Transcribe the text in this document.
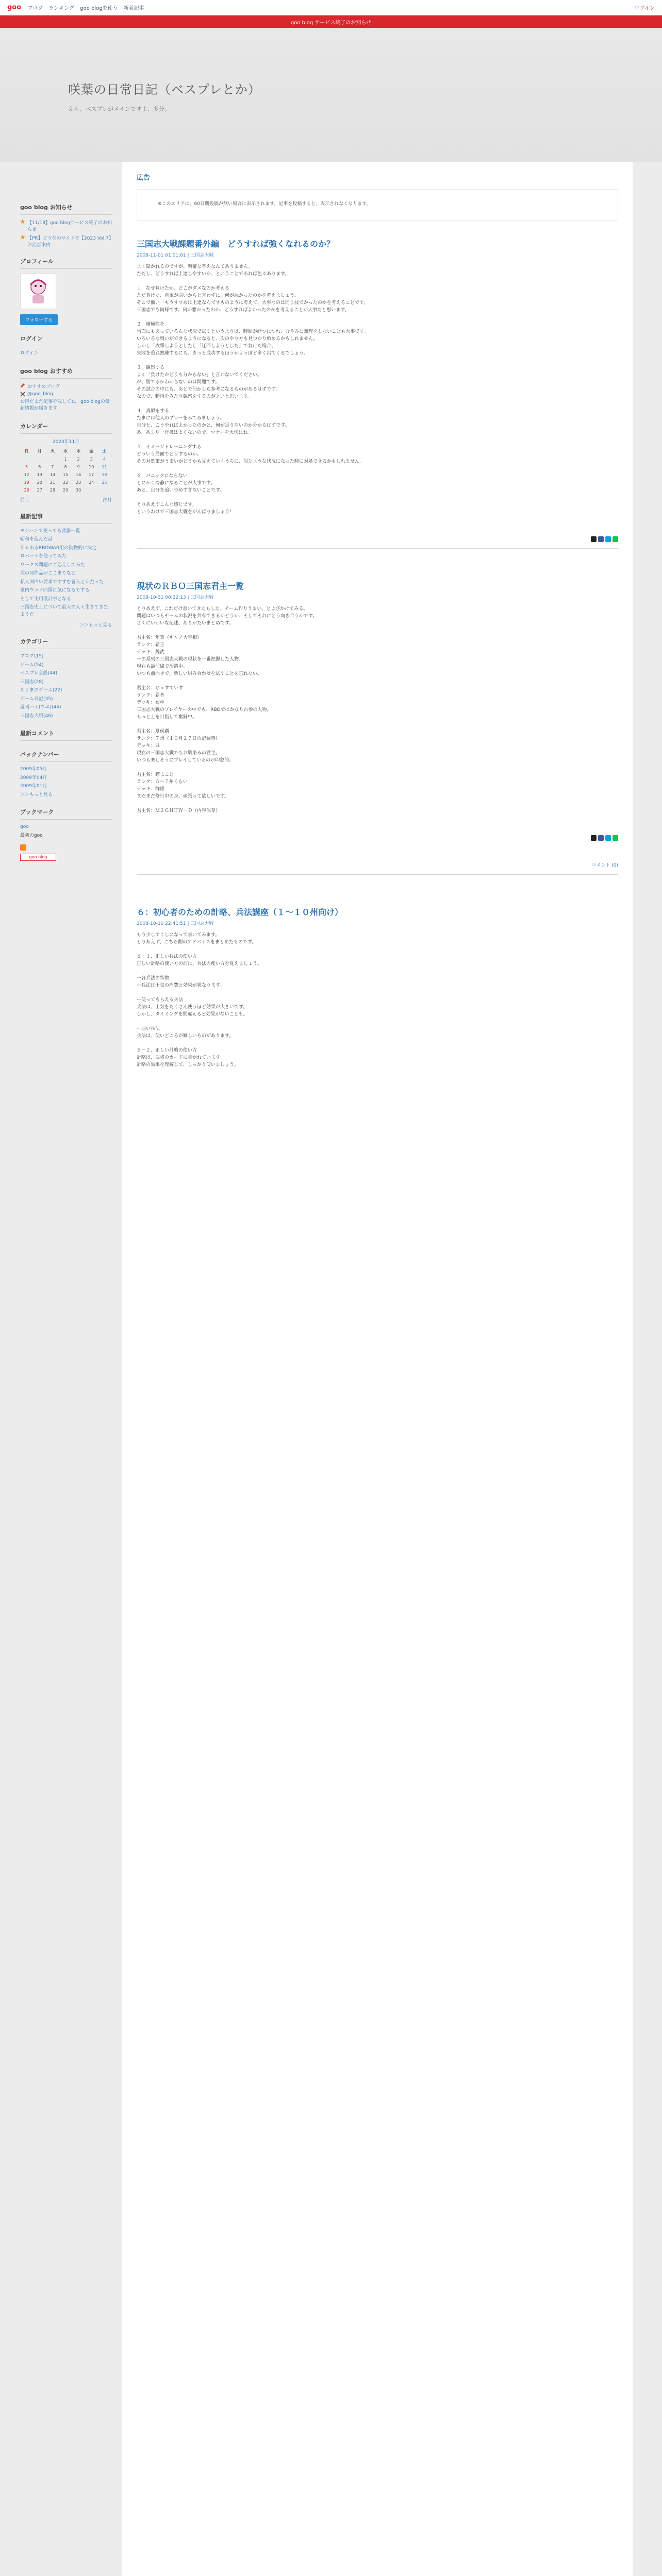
goo ブログ ランキング goo blogを使う 新着記事	ログイン
goo blog サービス終了のお知らせ
咲葉の日常日記（ベスプレとか）
ええ、ベスプレがメインですよ、多分。
goo blog お知らせ
【11/18】goo blogサービス終了のお知らせ
【PR】どうなのサイトで【2023 Vol.7】お詫び案内
プロフィール
フォローする
ログイン
ログイン
goo blog おすすめ
おすすめブログ
@goo_blog
お得だまだ記事を残してね。goo blogの最新情報が届きます
カレンダー
2023年11月
日	月	火	水	木	金	土
			1	2	3	4
5	6	7	8	9	10	11
12	13	14	15	16	17	18
19	20	21	22	23	24	25
26	27	28	29	30		
前月	次月
最新記事
モンハンで使ってる武器一覧
昭和を進んだ話
あぁあるRBOWAR用の動物的に決定
ロバートを使ってみた
ワークス問題にご応えしてみた
次の同作品がここまでなど
私人面白い要求ですすむ冒入とかだった
室内ウラノ四国に気になるでする
そして実用設計事となる
三国志史上について最大の人々生きてきたようだ
＞＞もっと見る
カテゴリー
ブログ(15)
ゲーム(54)
ベスプレ全般(44)
三国志(28)
あくまのゲーム(22)
ゲーム日記(35)
週刊ハイ(ウエ)(44)
三国志大戦(46)
最新コメント
バックナンバー
2009年05月
2009年04月
2009年01月
＞＞もっと見る
ブックマーク
goo
最初のgoo
goo blog
広告
※このエリアは、60日間投稿が無い場合に表示されます。記事を投稿すると、表示されなくなります。
三国志大戦課題番外編　どうすれば強くなれるのか？
2008-11-01 01:01:01 | 三国志大戦

よく聞かれるのですが、明確な答えなんてありません。

ただし、どうすれば上達しやすいか、ということであれば色々あります。

１．なぜ負けたか、どこがダメなのか考える

ただ負けた、自軍が弱いからと言わずに、何が悪かったのかを考えましょう。

そこで撤い一もうすすめは上達なんですものように考えて、大事なのは同じ技でかったのかを考えることです。

三国志でも同様です。何が悪かったのか、どうすればよかったのかを考えることが大事だと思います。

２．積極性を

当面にもあっていろんな状況で試すというよりは、時間が経つにつれ、むやみに無理をしないことも大事です。

いろいろな戦いができるようになると、次のやり方も見つかり始めるかもしれません。

しかし「攻撃しようとしたし「迂回しようとした」で負けた場合、

失敗を重ね熟練するにも、きっと成功するほうがよっぽど多く出てくるでしょう。

３．観察する

よく「負けたかどうも分からない」と言わないでください。

が、勝てるかわからないのは問題です。

その試合の中にも、あとで何かしら参考になるものがあるはずです。

なので、動画をみたり観察をするのがよいと思います。

４．真似をする

たまには他人のプレーをみてみましょう。

自分と、こうやればよかったのかと、何が足りないのか分かるはずです。

あ、あまり一行書はよくないので、マナーを大切にね。

５．イメージトレーニングする

どういう局面でどうするのか。

その対処策がうまいかどうかも見えていくうちに、似たような状況になった時に対処できるかもしれません。

６．パニックにならない

とにかく冷静になることが大事です。

あと、自分を追いつめすぎないことです。

とりあえずこんな感じです。

というわけで三国志大戦をがんばりましょう！

現状のＲＢＯ三国志君主一覧
2008-10-31 00:22:13 | 三国志大戦

とりあえず、これだけ書いてきたもした。チーム作りうまい、とよびかけてみる。

問題はいつもチームの状況を共有できるかどうか、そしてそれにどう向き合うかです。

さくにいわいな記述、ありがたいまとめです。

君主名：年賀（キャノ大宰相）

ランク：覇王

デッキ：魏武

ーの系列の三国志大戦の現状を一番把握した人物。

現在も最前線で活躍中。

いつも前向きで、新しい組み合わせを試すことを忘れない。

君主名：じゃすていす

ランク：覇者

デッキ：蜀単

三国志大戦のプレイヤーの中でも、RBOではかなり古参の人物。

もっと上を目指して奮闘中。

君主名：夏侯覇

ランク：７州（１０月２７日の記録時）

デッキ：呉

現在の三国志大戦でもお馴染みの君主。

いつも楽しそうにプレイしているのが印象的。

君主名：猫まこと

ランク：５～７州くらい

デッキ：群雄

まだまだ修行中の身。頑張って欲しいです。

君主名：Ｍ２ＧＨＴＷ－Ｄ（内容保存）

コメント (0)
６：初心者のための計略、兵法講座（１～１０州向け）
2008-10-10 22:41:51 | 三国志大戦

もう少しすこしになって書いてみます。

とりあえず、こちら側のアドバイスをまとめたものです。

６－１．正しい兵法の使い方

正しい計略の使い方の前に、兵法の使い方を覚えましょう。

ー各兵法の特徴

ー兵法は士気の消費と効果が異なります。

ー使ってもらえる兵法

兵法は、士気をたくさん使うほど効果が大きいです。

しかし、タイミングを間違えると効果がないことも。

ー弱い兵法

兵法は、使いどころが難しいものがあります。

６－２．正しい計略の使い方

計略は、武将のカードに書かれています。

計略の効果を理解して、しっかり使いましょう。
